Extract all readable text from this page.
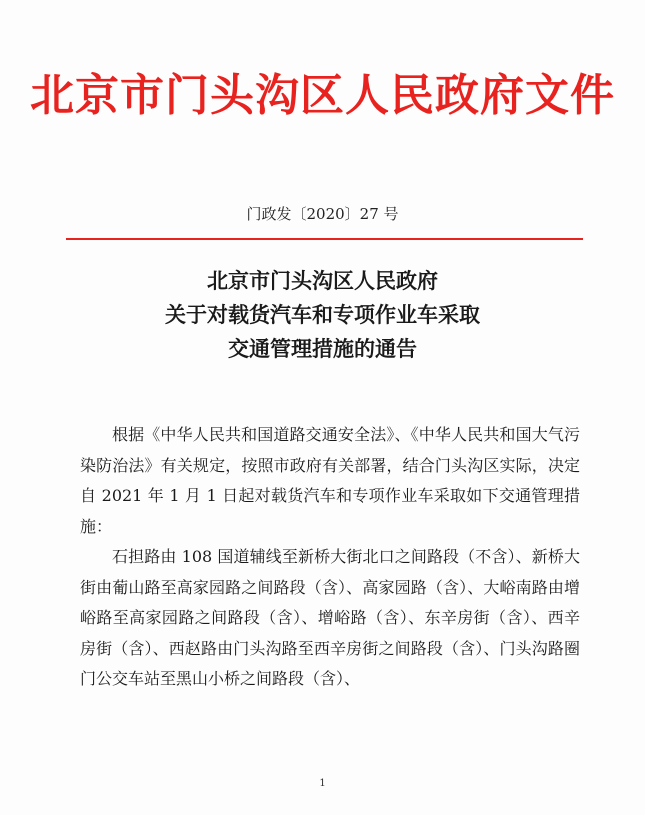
北京市门头沟区人民政府文件
门政发〔2020〕27 号
北京市门头沟区人民政府
关于对载货汽车和专项作业车采取
交通管理措施的通告

根据《中华人民共和国道路交通安全法》、《中华人民共和国大气污染防治法》有关规定，按照市政府有关部署，结合门头沟区实际，决定自 2021 年 1 月 1 日起对载货汽车和专项作业车采取如下交通管理措施：

石担路由 108 国道辅线至新桥大街北口之间路段（不含）、新桥大街由葡山路至高家园路之间路段（含）、高家园路（含）、大峪南路由增峪路至高家园路之间路段（含）、增峪路（含）、东辛房街（含）、西辛房街（含）、西赵路由门头沟路至西辛房街之间路段（含）、门头沟路圈门公交车站至黑山小桥之间路段（含）、

1
